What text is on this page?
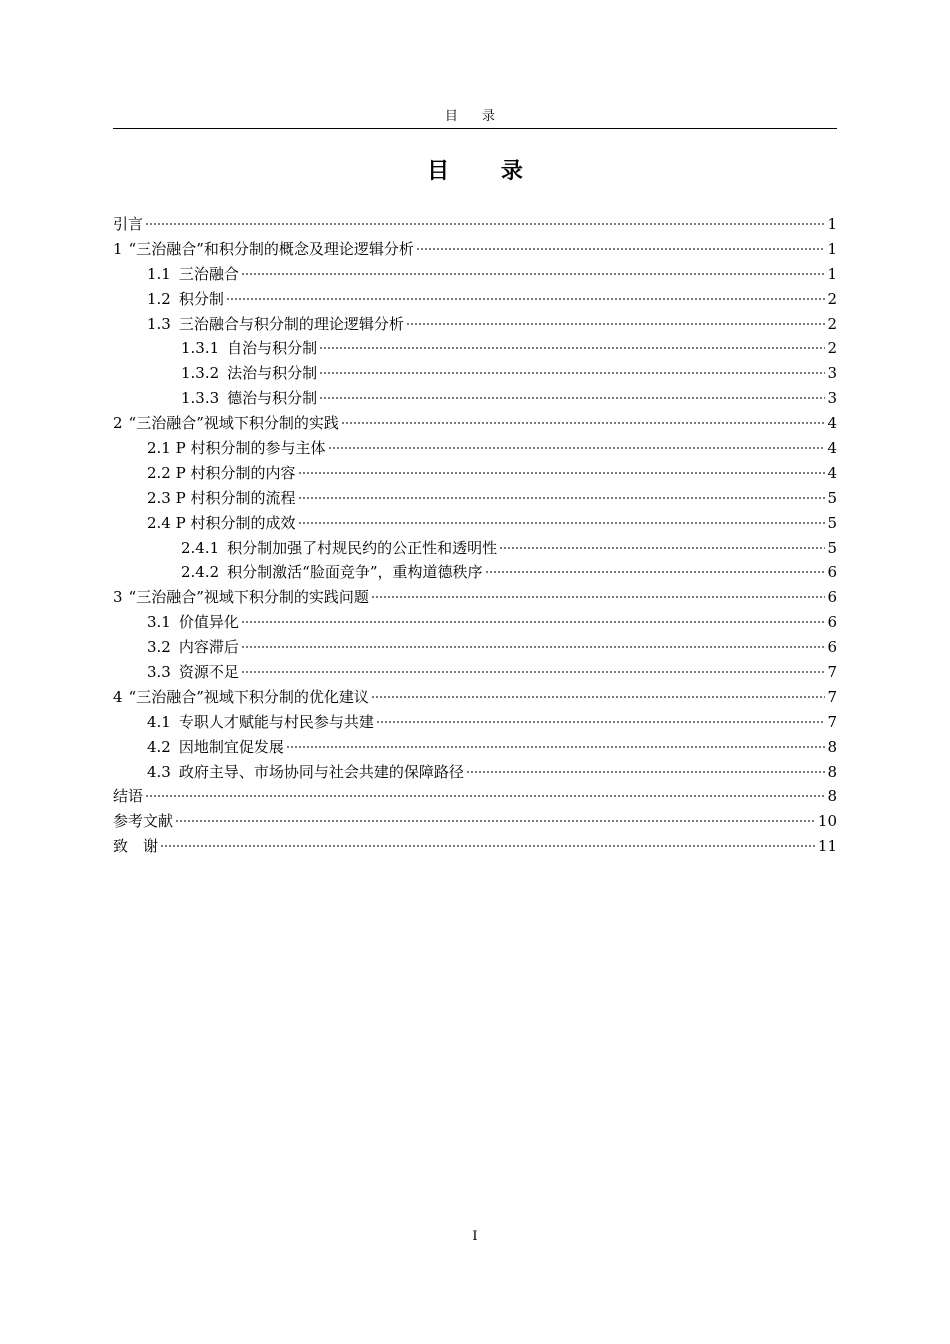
目 录
目 录
引言	1
1 “三治融合”和积分制的概念及理论逻辑分析	1
1.1 三治融合	1
1.2 积分制	2
1.3 三治融合与积分制的理论逻辑分析	2
1.3.1 自治与积分制	2
1.3.2 法治与积分制	3
1.3.3 德治与积分制	3
2 “三治融合”视域下积分制的实践	4
2.1 P 村积分制的参与主体	4
2.2 P 村积分制的内容	4
2.3 P 村积分制的流程	5
2.4 P 村积分制的成效	5
2.4.1 积分制加强了村规民约的公正性和透明性	5
2.4.2 积分制激活“脸面竞争”，重构道德秩序	6
3 “三治融合”视域下积分制的实践问题	6
3.1 价值异化	6
3.2 内容滞后	6
3.3 资源不足	7
4 “三治融合”视域下积分制的优化建议	7
4.1 专职人才赋能与村民参与共建	7
4.2 因地制宜促发展	8
4.3 政府主导、市场协同与社会共建的保障路径	8
结语	8
参考文献	10
致　谢	11
I
